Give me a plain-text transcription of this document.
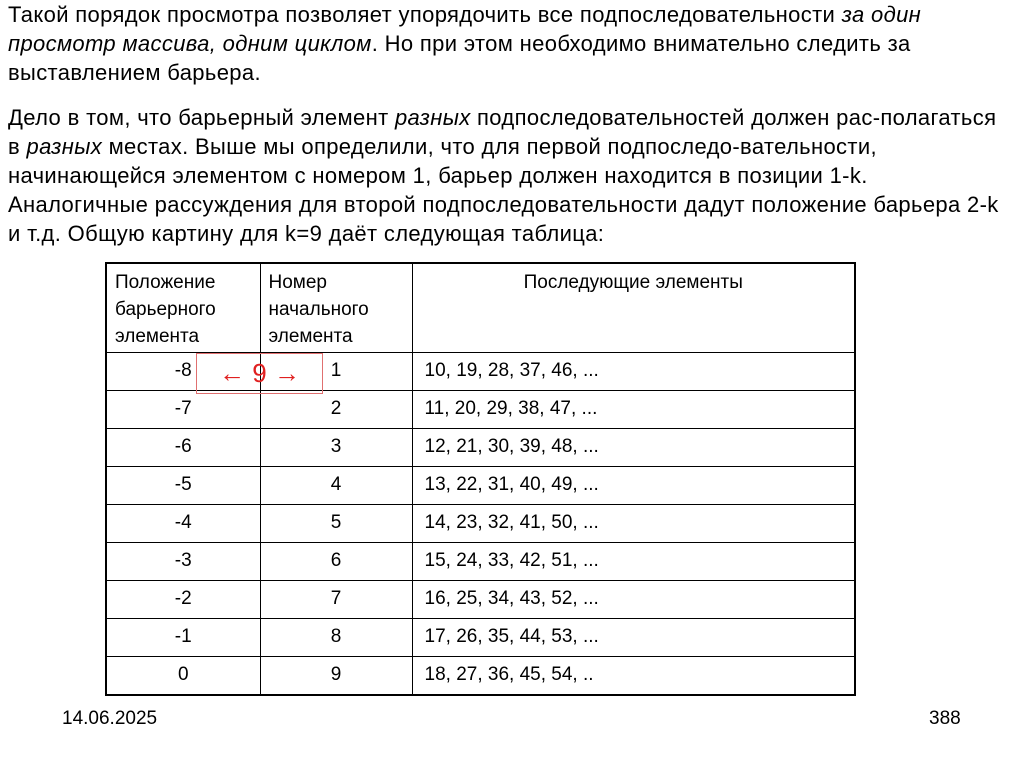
Такой порядок просмотра позволяет упорядочить все подпоследовательности за один просмотр массива, одним циклом. Но при этом необходимо внимательно следить за выставлением барьера.

Дело в том, что барьерный элемент разных подпоследовательностей должен рас-полагаться в разных местах. Выше мы определили, что для первой подпоследо-вательности, начинающейся элементом с номером 1, барьер должен находится в позиции 1-k. Аналогичные рассуждения для второй подпоследовательности дадут положение барьера 2-k и т.д. Общую картину для k=9 даёт следующая таблица:

Положение барьерного элемента	Номер начального элемента	Последующие элементы
-8	1	10, 19, 28, 37, 46, ...
-7	2	11, 20, 29, 38, 47, ...
-6	3	12, 21, 30, 39, 48, ...
-5	4	13, 22, 31, 40, 49, ...
-4	5	14, 23, 32, 41, 50, ...
-3	6	15, 24, 33, 42, 51, ...
-2	7	16, 25, 34, 43, 52, ...
-1	8	17, 26, 35, 44, 53, ...
0	9	18, 27, 36, 45, 54, ..
← 9 →
14.06.2025	388
